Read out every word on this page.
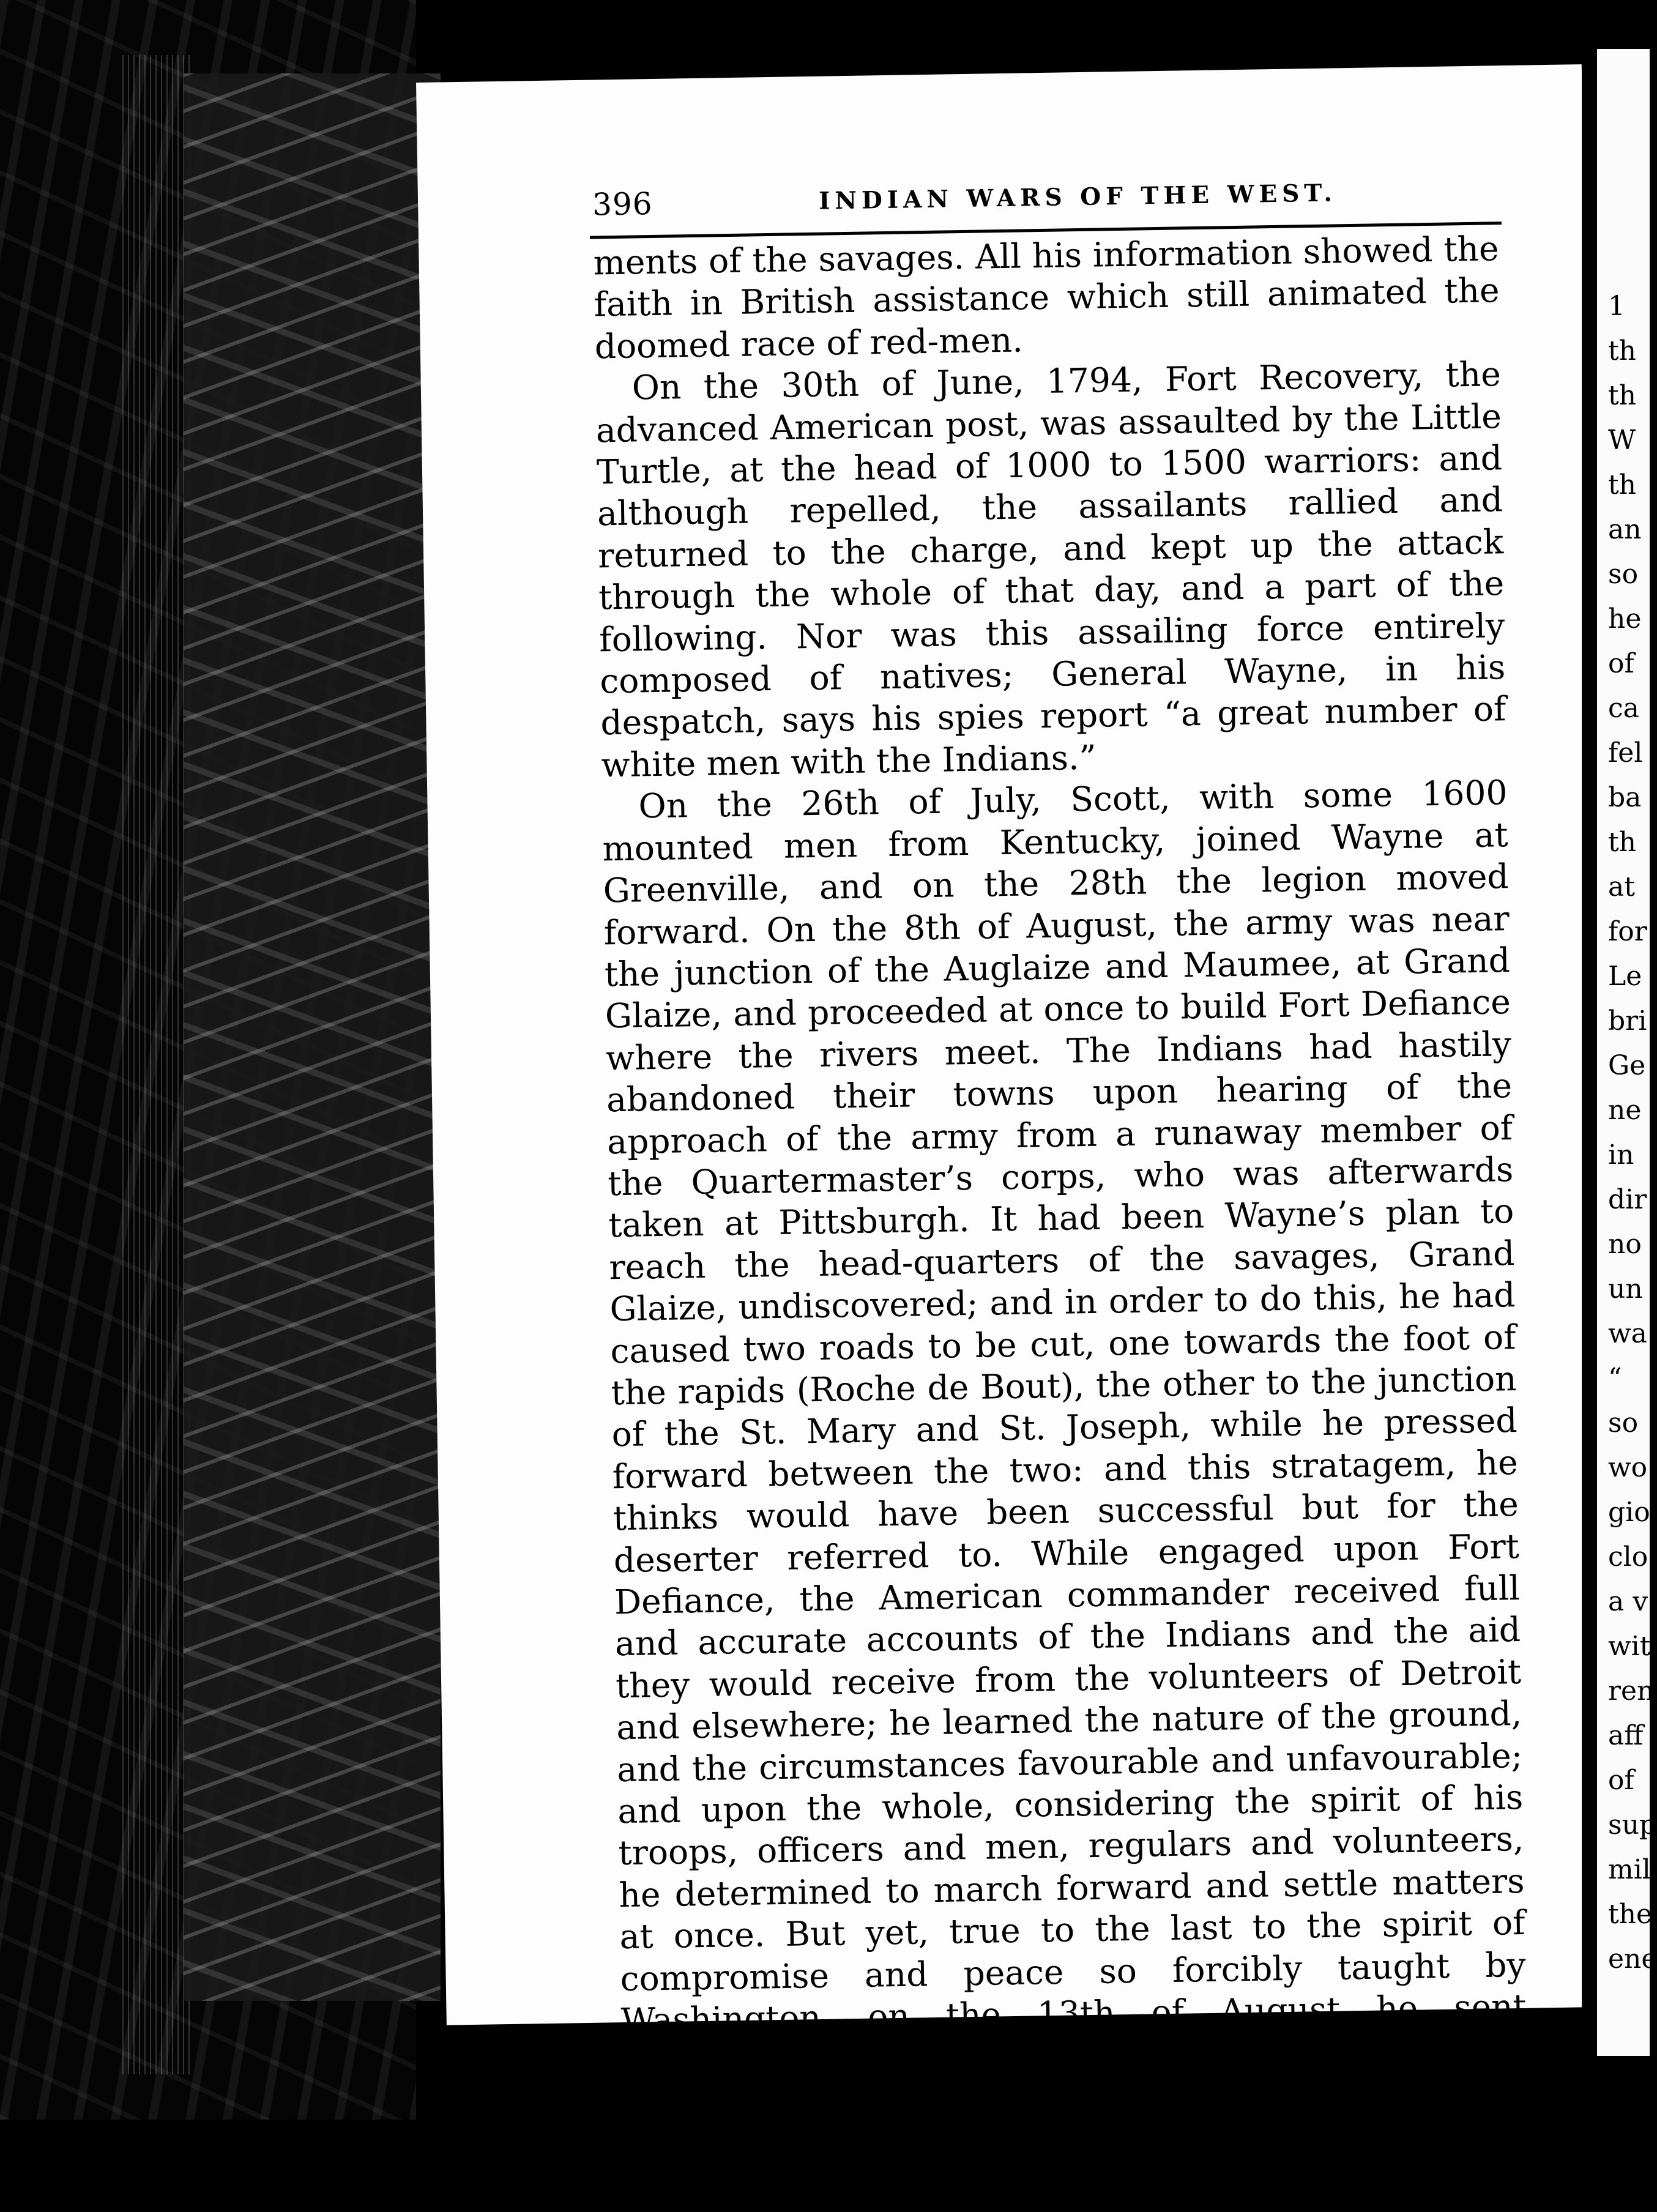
396	INDIAN WARS OF THE WEST.

ments of the savages. All his information showed the faith in British assistance which still animated the doomed race of red-men.

On the 30th of June, 1794, Fort Recovery, the advanced American post, was assaulted by the Little Turtle, at the head of 1000 to 1500 warriors: and although repelled, the assailants rallied and returned to the charge, and kept up the attack through the whole of that day, and a part of the following. Nor was this assailing force entirely composed of natives; General Wayne, in his despatch, says his spies report “a great number of white men with the Indians.”

On the 26th of July, Scott, with some 1600 mounted men from Kentucky, joined Wayne at Greenville, and on the 28th the legion moved forward. On the 8th of August, the army was near the junction of the Auglaize and Maumee, at Grand Glaize, and proceeded at once to build Fort Defiance where the rivers meet. The Indians had hastily abandoned their towns upon hearing of the approach of the army from a runaway member of the Quartermaster’s corps, who was afterwards taken at Pittsburgh. It had been Wayne’s plan to reach the head-quarters of the savages, Grand Glaize, undiscovered; and in order to do this, he had caused two roads to be cut, one towards the foot of the rapids (Roche de Bout), the other to the junction of the St. Mary and St. Joseph, while he pressed forward between the two: and this stratagem, he thinks would have been successful but for the deserter referred to. While engaged upon Fort Defiance, the American commander received full and accurate accounts of the Indians and the aid they would receive from the volunteers of Detroit and elsewhere; he learned the nature of the ground, and the circumstances favourable and unfavourable; and upon the whole, considering the spirit of his troops, officers and men, regulars and volunteers, he determined to march forward and settle matters at once. But yet, true to the last to the spirit of compromise and peace so forcibly taught by Washington, on the 13th of August he sent Christopher Miller, who had been naturalized among the Shawanees, and had been taken prisoner on the 11th by Wayne’s spies, as a special messenger, offering terms of friendship.

1
th
th
W
th
an
so
he
of
ca
fel
ba
th
at
for
Le
bri
Ge
ne
in
dir
no
un
wa
“
so
wo
gio
clo
a v
wit
ren
aff
of
sup
mil
the
ene
